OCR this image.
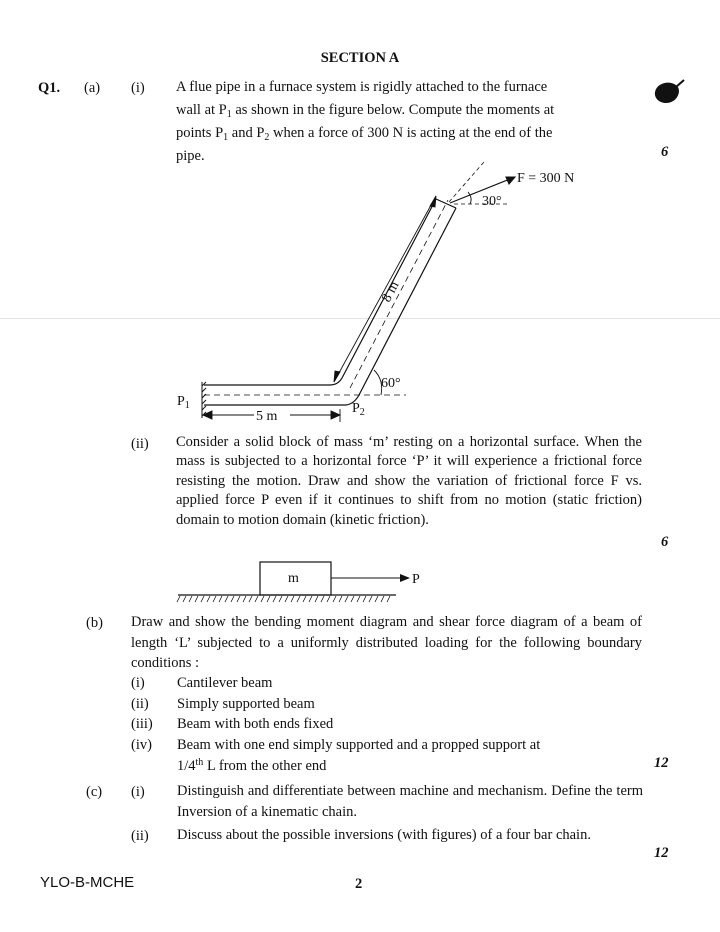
SECTION A
Q1. (a) (i) A flue pipe in a furnace system is rigidly attached to the furnace
wall at $P_1$ as shown in the figure below. Compute the moments at
points $P_1$ and $P_2$ when a force of 300 N is acting at the end of the
pipe.	6
8 m
F = 300 N
30°
60°
$P_1$	$P_2$
5 m
(ii) Consider a solid block of mass ‘m’ resting on a horizontal surface. When the mass is subjected to a horizontal force ‘P’ it will experience a frictional force resisting the motion. Draw and show the variation of frictional force F vs. applied force P even if it continues to shift from no motion (static friction) domain to motion domain (kinetic friction).
6
m	P
(b) Draw and show the bending moment diagram and shear force diagram of a beam of length ‘L’ subjected to a uniformly distributed loading for the following boundary conditions :
(i) Cantilever beam
(ii) Simply supported beam
(iii) Beam with both ends fixed
(iv) Beam with one end simply supported and a propped support at
1/4th L from the other end	12
(c) (i) Distinguish and differentiate between machine and mechanism. Define the term Inversion of a kinematic chain.
(ii) Discuss about the possible inversions (with figures) of a four bar chain.
12
YLO-B-MCHE	2
